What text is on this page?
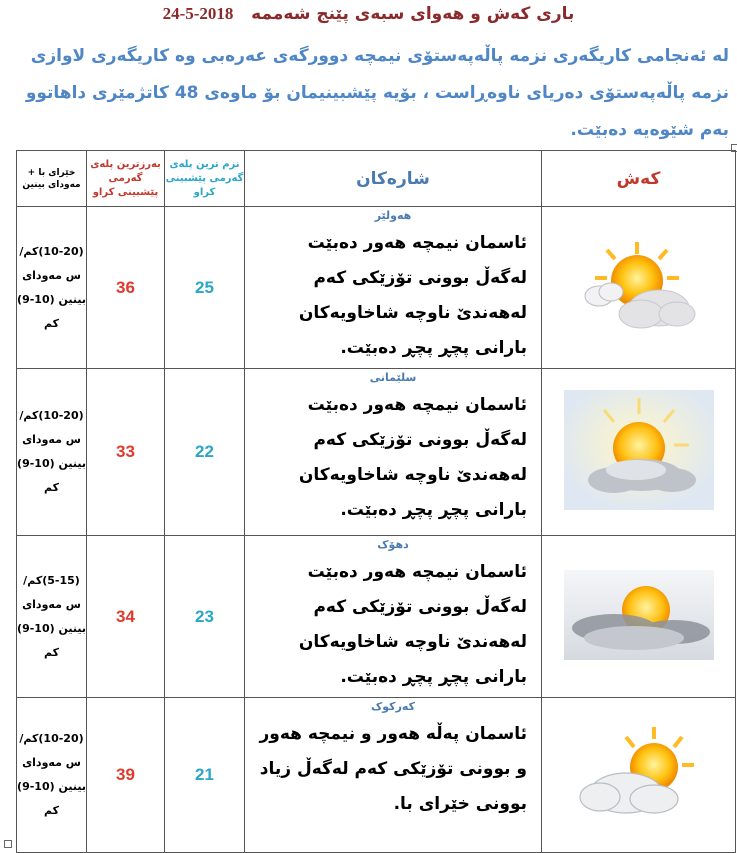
باری کەش و هەوای سبەی پێنج شەممە   2018-5-24
لە ئەنجامی کاریگەری نزمە پاڵەپەستۆی نیمچە دوورگەی عەرەبی وە کاریگەری لاوازی نزمە پاڵەپەستۆی دەریای ناوەڕاست ، بۆیە پێشبینیمان بۆ ماوەی 48 کاتژمێری داهاتوو بەم شێوەیە دەبێت.
خێرای با + مەودای بینین	بەرزترین پلەی گەرمی پێشبینی کراو	نزم ترین پلەی گەرمی پێشبینی کراو	شارەکان	کەش
(10-20)کم/س مەودای بینین (10-9) کم	36	25	هەولێر
ئاسمان نیمچە هەور دەبێت لەگەڵ بوونی تۆزێکی کەم لەهەندێ ناوچە شاخاویەکان بارانی پچڕ پچڕ دەبێت.

(10-20)کم/س مەودای بینین (10-9) کم	33	22	سلێمانی
ئاسمان نیمچە هەور دەبێت لەگەڵ بوونی تۆزێکی کەم لەهەندێ ناوچە شاخاویەکان بارانی پچڕ پچڕ دەبێت.

(5-15)کم/س مەودای بینین (10-9) کم	34	23	دهۆک
ئاسمان نیمچە هەور دەبێت لەگەڵ بوونی تۆزێکی کەم لەهەندێ ناوچە شاخاویەکان بارانی پچڕ پچڕ دەبێت.

(10-20)کم/س مەودای بینین (10-9) کم	39	21	کەرکوک
ئاسمان پەڵە هەور و نیمچە هەور و بوونی تۆزێکی کەم لەگەڵ زیاد بوونی خێرای با.
